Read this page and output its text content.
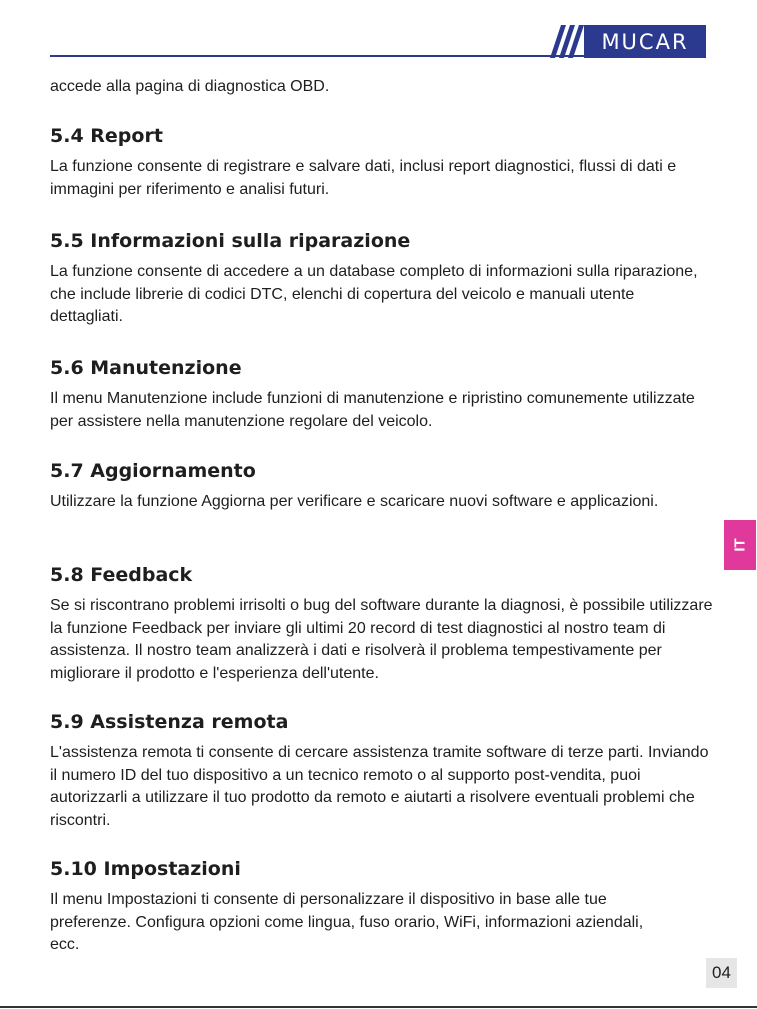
MUCAR

accede alla pagina di diagnostica OBD.

5.4 Report

La funzione consente di registrare e salvare dati, inclusi report diagnostici, flussi di dati e immagini per riferimento e analisi futuri.

5.5 Informazioni sulla riparazione

La funzione consente di accedere a un database completo di informazioni sulla riparazione, che include librerie di codici DTC, elenchi di copertura del veicolo e manuali utente dettagliati.

5.6 Manutenzione

Il menu Manutenzione include funzioni di manutenzione e ripristino comunemente utilizzate per assistere nella manutenzione regolare del veicolo.

5.7 Aggiornamento

Utilizzare la funzione Aggiorna per verificare e scaricare nuovi software e applicazioni.

5.8 Feedback

Se si riscontrano problemi irrisolti o bug del software durante la diagnosi, è possibile utilizzare la funzione Feedback per inviare gli ultimi 20 record di test diagnostici al nostro team di assistenza. Il nostro team analizzerà i dati e risolverà il problema tempestivamente per migliorare il prodotto e l'esperienza dell'utente.

5.9 Assistenza remota

L'assistenza remota ti consente di cercare assistenza tramite software di terze parti. Inviando il numero ID del tuo dispositivo a un tecnico remoto o al supporto post-vendita, puoi autorizzarli a utilizzare il tuo prodotto da remoto e aiutarti a risolvere eventuali problemi che riscontri.

5.10 Impostazioni

Il menu Impostazioni ti consente di personalizzare il dispositivo in base alle tue preferenze. Configura opzioni come lingua, fuso orario, WiFi, informazioni aziendali, ecc.

IT
04
